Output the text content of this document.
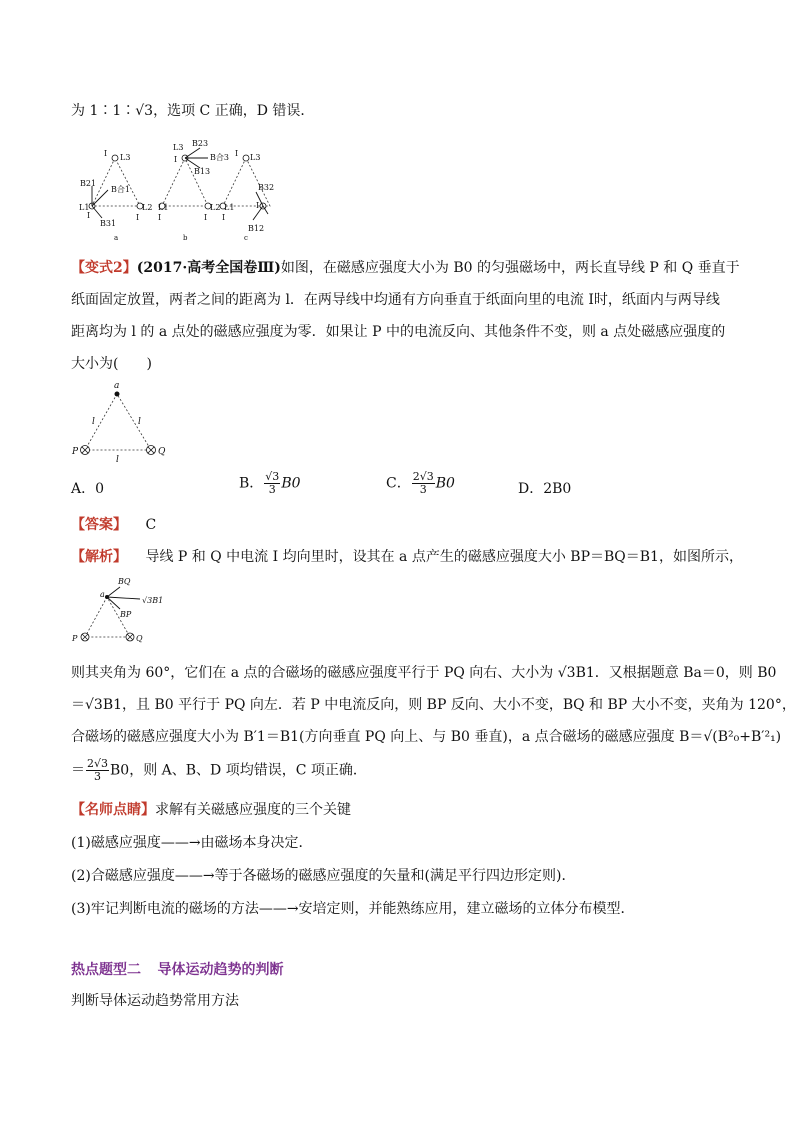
为 1∶1∶√3，选项 C 正确，D 错误．
I L3
B21
B合1
L1
I
B31
L2
I
L3 B23
I	B合3
B13
L1
I
L2
I
I L3
L1
I
B32
I
B12
a	b	c
【变式2】(2017·高考全国卷Ⅲ)如图，在磁感应强度大小为 B0 的匀强磁场中，两长直导线 P 和 Q 垂直于
纸面固定放置，两者之间的距离为 l．在两导线中均通有方向垂直于纸面向里的电流 I时，纸面内与两导线
距离均为 l 的 a 点处的磁感应强度为零．如果让 P 中的电流反向、其他条件不变，则 a 点处磁感应强度的
大小为(　　)
a
l	l
P
l
Q
A．0	B． $\frac{√3}{3} B0$	C． $\frac{2√3}{3} B0$	D．2B0
【答案】 C
【解析】 导线 P 和 Q 中电流 I 均向里时，设其在 a 点产生的磁感应强度大小 BP＝BQ＝B1，如图所示，
BQ
a
√3B1
BP
P	Q
则其夹角为 60°，它们在 a 点的合磁场的磁感应强度平行于 PQ 向右、大小为 √3B1．又根据题意 Ba＝0，则 B0
＝√3B1，且 B0 平行于 PQ 向左．若 P 中电流反向，则 BP 反向、大小不变，BQ 和 BP 大小不变，夹角为 120°，
合磁场的磁感应强度大小为 B′1＝B1(方向垂直 PQ 向上、与 B0 垂直)，a 点合磁场的磁感应强度 B＝√(B²₀+B′²₁)
＝ $\frac{2√3}{3} B0$，则 A、B、D 项均错误，C 项正确．
【名师点睛】求解有关磁感应强度的三个关键
(1)磁感应强度——→由磁场本身决定．
(2)合磁感应强度——→等于各磁场的磁感应强度的矢量和(满足平行四边形定则)．
(3)牢记判断电流的磁场的方法——→安培定则，并能熟练应用，建立磁场的立体分布模型．
热点题型二 导体运动趋势的判断
判断导体运动趋势常用方法
